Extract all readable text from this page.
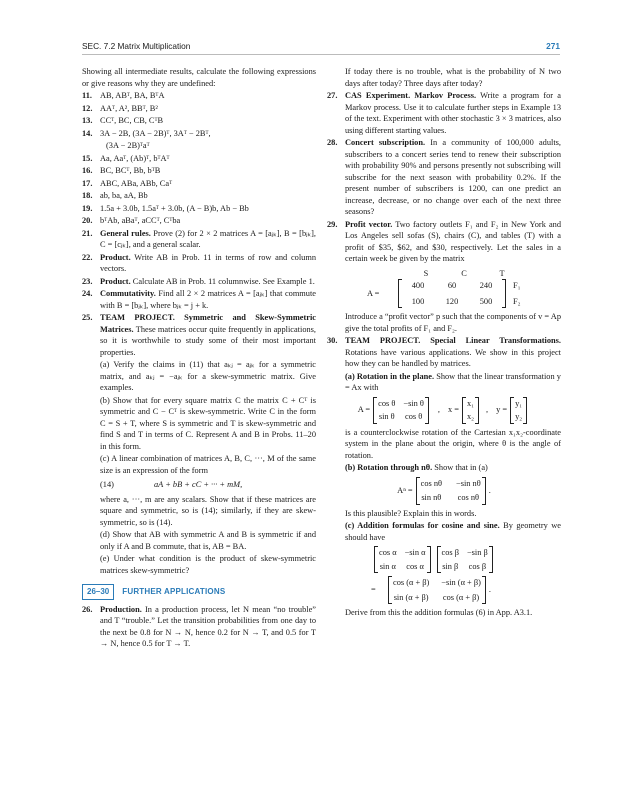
SEC. 7.2 Matrix Multiplication	271

Showing all intermediate results, calculate the following expressions or give reasons why they are undefined:

11. AB, ABᵀ, BA, BᵀA
12. AAᵀ, A², BBᵀ, B²
13. CCᵀ, BC, CB, CᵀB
14. 3A − 2B, (3A − 2B)ᵀ, 3Aᵀ − 2Bᵀ,
(3A − 2B)ᵀaᵀ
15. Aa, Aaᵀ, (Ab)ᵀ, bᵀAᵀ
16. BC, BCᵀ, Bb, bᵀB
17. ABC, ABa, ABb, Caᵀ
18. ab, ba, aA, Bb
19. 1.5a + 3.0b, 1.5aᵀ + 3.0b, (A − B)b, Ab − Bb
20. bᵀAb, aBaᵀ, aCCᵀ, Cᵀba
21. General rules. Prove (2) for 2 × 2 matrices A = [aⱼₖ], B = [bⱼₖ], C = [cⱼₖ], and a general scalar.
22. Product. Write AB in Prob. 11 in terms of row and column vectors.
23. Product. Calculate AB in Prob. 11 columnwise. See Example 1.
24. Commutativity. Find all 2 × 2 matrices A = [aⱼₖ] that commute with B = [bⱼₖ], where bⱼₖ = j + k.
25. TEAM PROJECT. Symmetric and Skew-Symmetric Matrices. These matrices occur quite frequently in applications, so it is worthwhile to study some of their most important properties.

(a) Verify the claims in (11) that aₖⱼ = aⱼₖ for a symmetric matrix, and aₖⱼ = −aⱼₖ for a skew-symmetric matrix. Give examples.

(b) Show that for every square matrix C the matrix C + Cᵀ is symmetric and C − Cᵀ is skew-symmetric. Write C in the form C = S + T, where S is symmetric and T is skew-symmetric and find S and T in terms of C. Represent A and B in Probs. 11–20 in this form.

(c) A linear combination of matrices A, B, C, ···, M of the same size is an expression of the form

(14)	aA + bB + cC + ··· + mM,

where a, ···, m are any scalars. Show that if these matrices are square and symmetric, so is (14); similarly, if they are skew-symmetric, so is (14).

(d) Show that AB with symmetric A and B is symmetric if and only if A and B commute, that is, AB = BA.

(e) Under what condition is the product of skew-symmetric matrices skew-symmetric?

26–30	FURTHER APPLICATIONS
26. Production. In a production process, let N mean “no trouble” and T “trouble.” Let the transition probabilities from one day to the next be 0.8 for N → N, hence 0.2 for N → T, and 0.5 for T → N, hence 0.5 for T → T.

If today there is no trouble, what is the probability of N two days after today? Three days after today?

27. CAS Experiment. Markov Process. Write a program for a Markov process. Use it to calculate further steps in Example 13 of the text. Experiment with other stochastic 3 × 3 matrices, also using different starting values.
28. Concert subscription. In a community of 100,000 adults, subscribers to a concert series tend to renew their subscription with probability 90% and persons presently not subscribing will subscribe for the next season with probability 0.2%. If the present number of subscribers is 1200, can one predict an increase, decrease, or no change over each of the next three seasons?
29. Profit vector. Two factory outlets F₁ and F₂ in New York and Los Angeles sell sofas (S), chairs (C), and tables (T) with a profit of $35, $62, and $30, respectively. Let the sales in a certain week be given by the matrix
S	C	T
A =
400	60	240
100	120	500
F₁
F₂

Introduce a “profit vector” p such that the components of v = Ap give the total profits of F₁ and F₂.

30. TEAM PROJECT. Special Linear Transformations. Rotations have various applications. We show in this project how they can be handled by matrices.

(a) Rotation in the plane. Show that the linear transformation y = Ax with

A =
cos θ −sin θ
sin θ cos θ
, x =
x₁
x₂
, y =
y₁
y₂

is a counterclockwise rotation of the Cartesian x₁x₂-coordinate system in the plane about the origin, where θ is the angle of rotation.

(b) Rotation through nθ. Show that in (a)

Aⁿ =
cos nθ −sin nθ
sin nθ cos nθ
.

Is this plausible? Explain this in words.

(c) Addition formulas for cosine and sine. By geometry we should have

cos α −sin α
sin α cos α
cos β −sin β
sin β cos β
=
cos (α + β) −sin (α + β)
sin (α + β) cos (α + β)
.

Derive from this the addition formulas (6) in App. A3.1.
